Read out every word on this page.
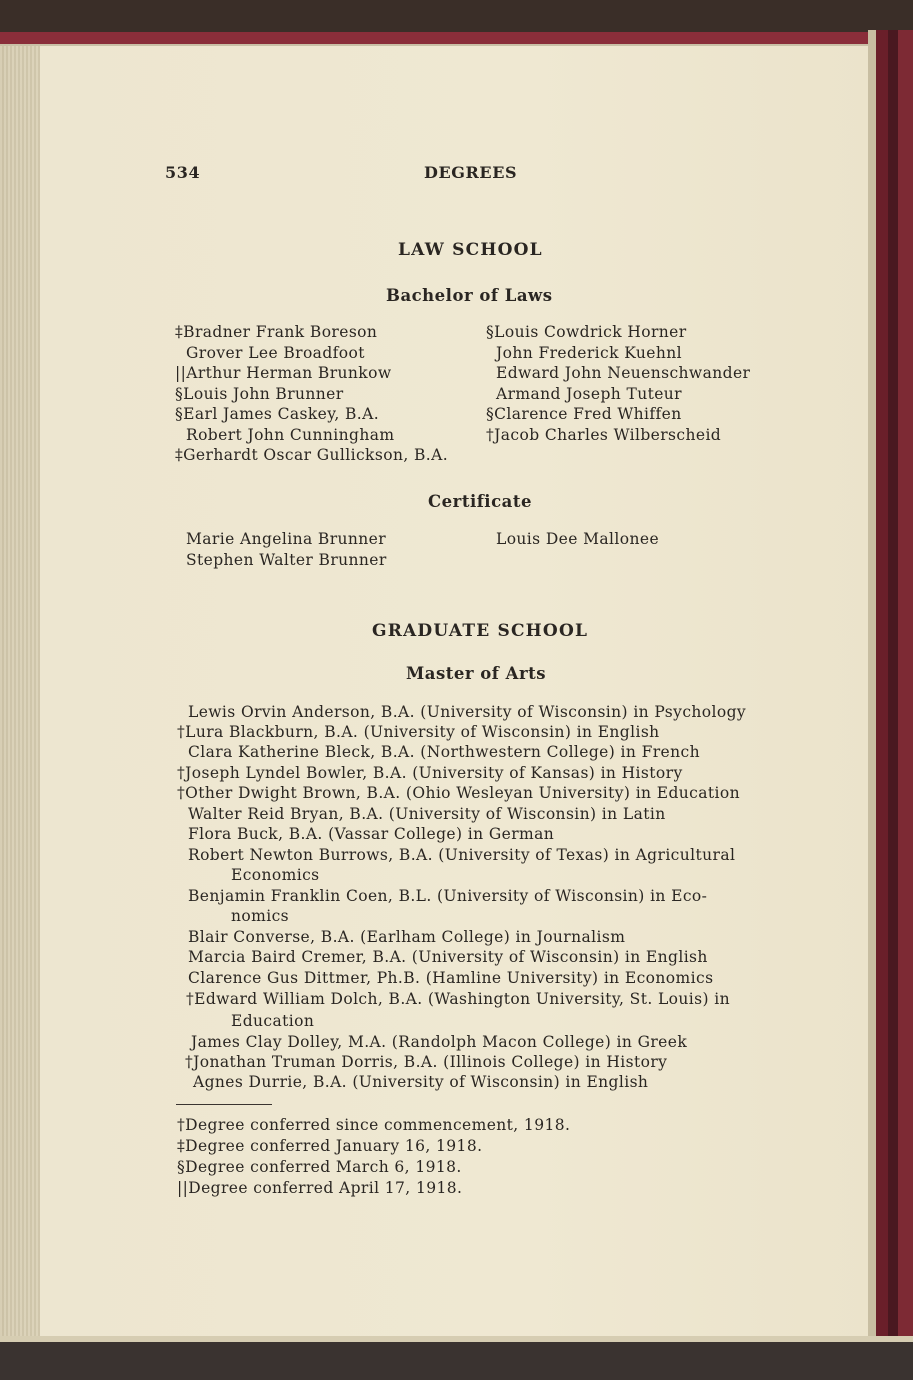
534	DEGREES
LAW SCHOOL
Bachelor of Laws
‡Bradner Frank Boreson
Grover Lee Broadfoot
||Arthur Herman Brunkow
§Louis John Brunner
§Earl James Caskey, B.A.
Robert John Cunningham
‡Gerhardt Oscar Gullickson, B.A.
§Louis Cowdrick Horner
John Frederick Kuehnl
Edward John Neuenschwander
Armand Joseph Tuteur
§Clarence Fred Whiffen
†Jacob Charles Wilberscheid
Certificate
Marie Angelina Brunner
Stephen Walter Brunner
Louis Dee Mallonee
GRADUATE SCHOOL
Master of Arts
Lewis Orvin Anderson, B.A. (University of Wisconsin) in Psychology
†Lura Blackburn, B.A. (University of Wisconsin) in English
Clara Katherine Bleck, B.A. (Northwestern College) in French
†Joseph Lyndel Bowler, B.A. (University of Kansas) in History
†Other Dwight Brown, B.A. (Ohio Wesleyan University) in Education
Walter Reid Bryan, B.A. (University of Wisconsin) in Latin
Flora Buck, B.A. (Vassar College) in German
Robert Newton Burrows, B.A. (University of Texas) in Agricultural
Economics
Benjamin Franklin Coen, B.L. (University of Wisconsin) in Eco-
nomics
Blair Converse, B.A. (Earlham College) in Journalism
Marcia Baird Cremer, B.A. (University of Wisconsin) in English
Clarence Gus Dittmer, Ph.B. (Hamline University) in Economics
†Edward William Dolch, B.A. (Washington University, St. Louis) in
Education
James Clay Dolley, M.A. (Randolph Macon College) in Greek
†Jonathan Truman Dorris, B.A. (Illinois College) in History
Agnes Durrie, B.A. (University of Wisconsin) in English
†Degree conferred since commencement, 1918.
‡Degree conferred January 16, 1918.
§Degree conferred March 6, 1918.
||Degree conferred April 17, 1918.
